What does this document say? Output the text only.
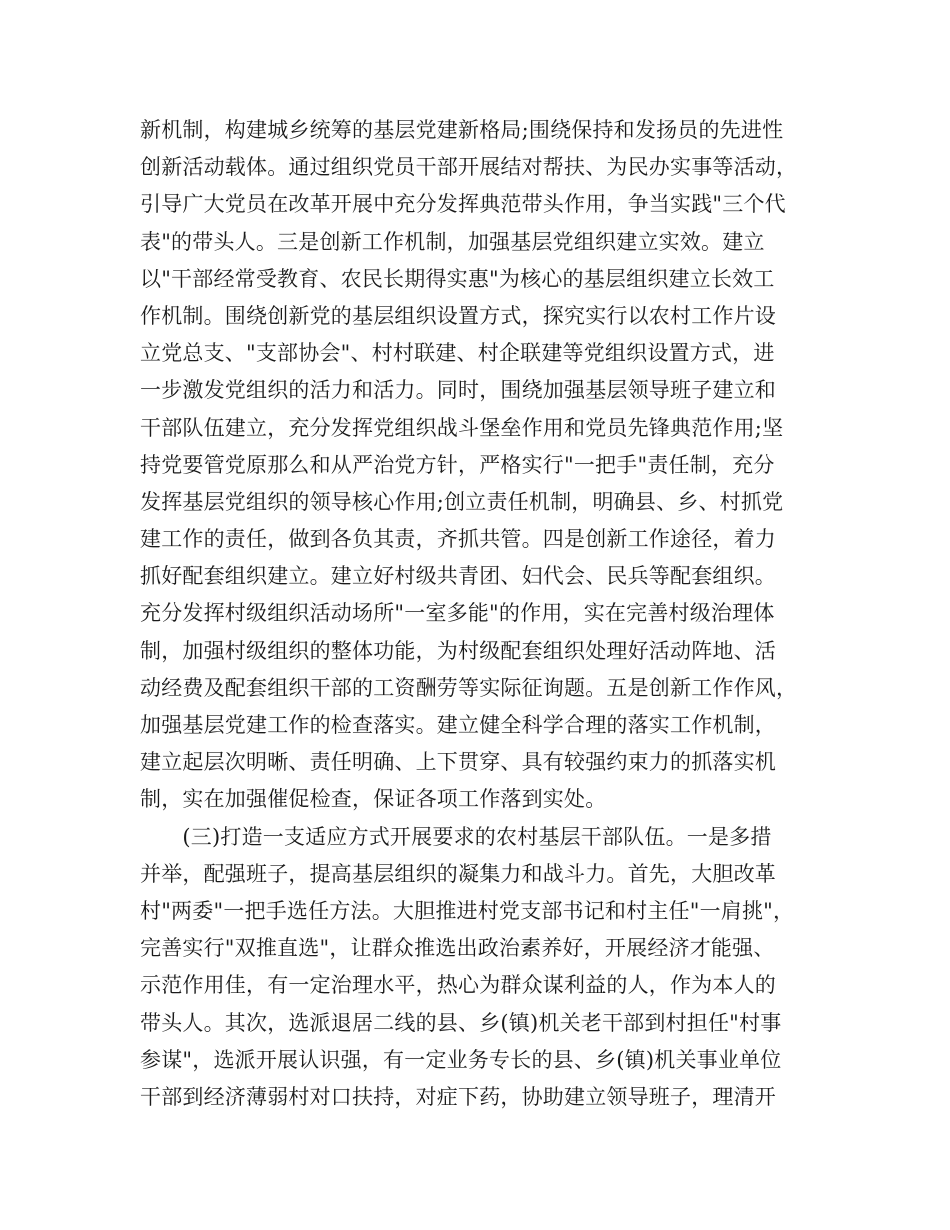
新机制，构建城乡统筹的基层党建新格局;围绕保持和发扬员的先进性
创新活动载体。通过组织党员干部开展结对帮扶、为民办实事等活动，
引导广大党员在改革开展中充分发挥典范带头作用，争当实践"三个代
表"的带头人。三是创新工作机制，加强基层党组织建立实效。建立
以"干部经常受教育、农民长期得实惠"为核心的基层组织建立长效工
作机制。围绕创新党的基层组织设置方式，探究实行以农村工作片设
立党总支、"支部协会"、村村联建、村企联建等党组织设置方式，进
一步激发党组织的活力和活力。同时，围绕加强基层领导班子建立和
干部队伍建立，充分发挥党组织战斗堡垒作用和党员先锋典范作用;坚
持党要管党原那么和从严治党方针，严格实行"一把手"责任制，充分
发挥基层党组织的领导核心作用;创立责任机制，明确县、乡、村抓党
建工作的责任，做到各负其责，齐抓共管。四是创新工作途径，着力
抓好配套组织建立。建立好村级共青团、妇代会、民兵等配套组织。
充分发挥村级组织活动场所"一室多能"的作用，实在完善村级治理体
制，加强村级组织的整体功能，为村级配套组织处理好活动阵地、活
动经费及配套组织干部的工资酬劳等实际征询题。五是创新工作作风，
加强基层党建工作的检查落实。建立健全科学合理的落实工作机制，
建立起层次明晰、责任明确、上下贯穿、具有较强约束力的抓落实机
制，实在加强催促检查，保证各项工作落到实处。
　　(三)打造一支适应方式开展要求的农村基层干部队伍。一是多措
并举，配强班子，提高基层组织的凝集力和战斗力。首先，大胆改革
村"两委"一把手选任方法。大胆推进村党支部书记和村主任"一肩挑"，
完善实行"双推直选"，让群众推选出政治素养好，开展经济才能强、
示范作用佳，有一定治理水平，热心为群众谋利益的人，作为本人的
带头人。其次，选派退居二线的县、乡(镇)机关老干部到村担任"村事
参谋"，选派开展认识强，有一定业务专长的县、乡(镇)机关事业单位
干部到经济薄弱村对口扶持，对症下药，协助建立领导班子，理清开
